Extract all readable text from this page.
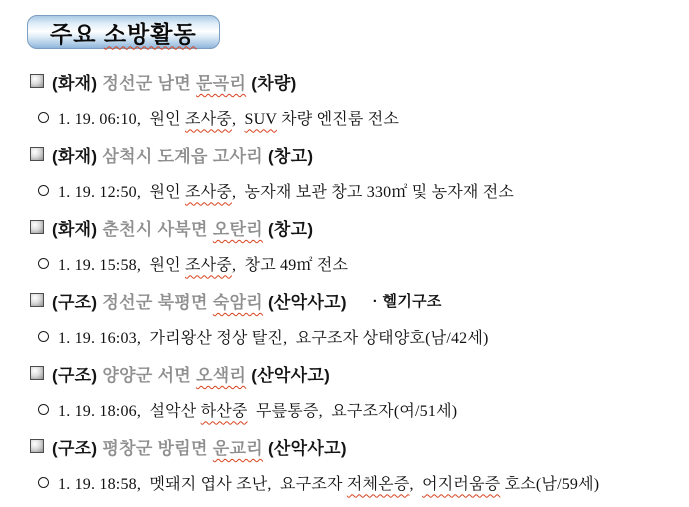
주요 소방활동
(화재) 정선군 남면 문곡리 (차량)
1. 19. 06:10,  원인 조사중,  SUV 차량 엔진룸 전소
(화재) 삼척시 도계읍 고사리 (창고)
1. 19. 12:50,  원인 조사중,  농자재 보관 창고 330㎡ 및 농자재 전소
(화재) 춘천시 사북면 오탄리 (창고)
1. 19. 15:58,  원인 조사중,  창고 49㎡ 전소
(구조) 정선군 북평면 숙암리 (산악사고) · 헬기구조
1. 19. 16:03,  가리왕산 정상 탈진,  요구조자 상태양호(남/42세)
(구조) 양양군 서면 오색리 (산악사고)
1. 19. 18:06,  설악산 하산중  무릎통증,  요구조자(여/51세)
(구조) 평창군 방림면 운교리 (산악사고)
1. 19. 18:58,  멧돼지 엽사 조난,  요구조자 저체온증,  어지러움증 호소(남/59세)
